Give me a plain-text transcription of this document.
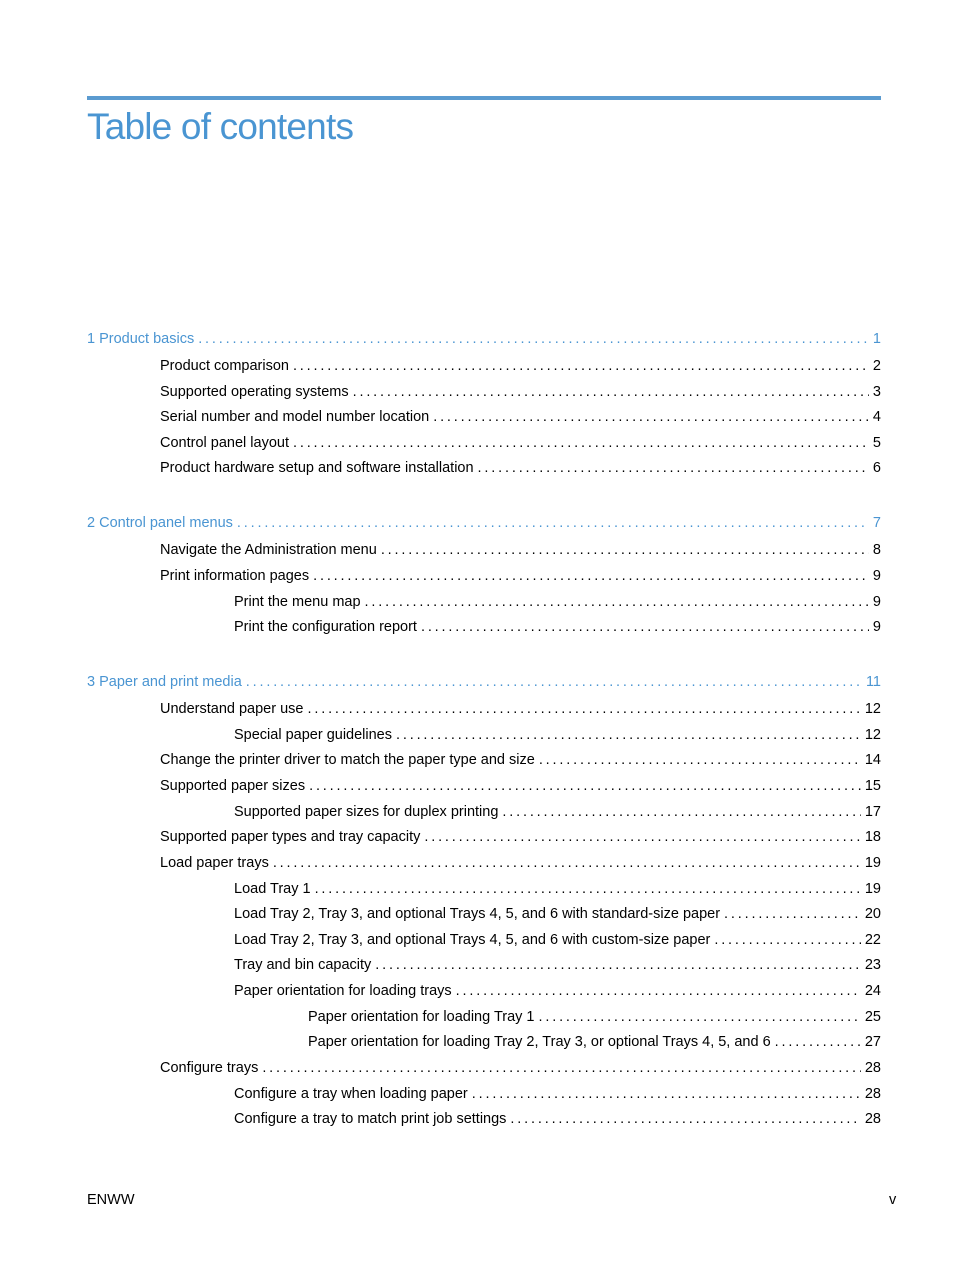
Table of contents
1 Product basics . . .	1
Product comparison . . .	2
Supported operating systems . . .	3
Serial number and model number location . . .	4
Control panel layout . . .	5
Product hardware setup and software installation . . .	6
2 Control panel menus . . .	7
Navigate the Administration menu . . .	8
Print information pages . . .	9
Print the menu map . . .	9
Print the configuration report . . .	9
3 Paper and print media . . .	11
Understand paper use . . .	12
Special paper guidelines . . .	12
Change the printer driver to match the paper type and size . . .	14
Supported paper sizes . . .	15
Supported paper sizes for duplex printing . . .	17
Supported paper types and tray capacity . . .	18
Load paper trays . . .	19
Load Tray 1 . . .	19
Load Tray 2, Tray 3, and optional Trays 4, 5, and 6 with standard-size paper . . .	20
Load Tray 2, Tray 3, and optional Trays 4, 5, and 6 with custom-size paper . . .	22
Tray and bin capacity . . .	23
Paper orientation for loading trays . . .	24
Paper orientation for loading Tray 1 . . .	25
Paper orientation for loading Tray 2, Tray 3, or optional Trays 4, 5, and 6 . . .	27
Configure trays . . .	28
Configure a tray when loading paper . . .	28
Configure a tray to match print job settings . . .	28
ENWW	v
